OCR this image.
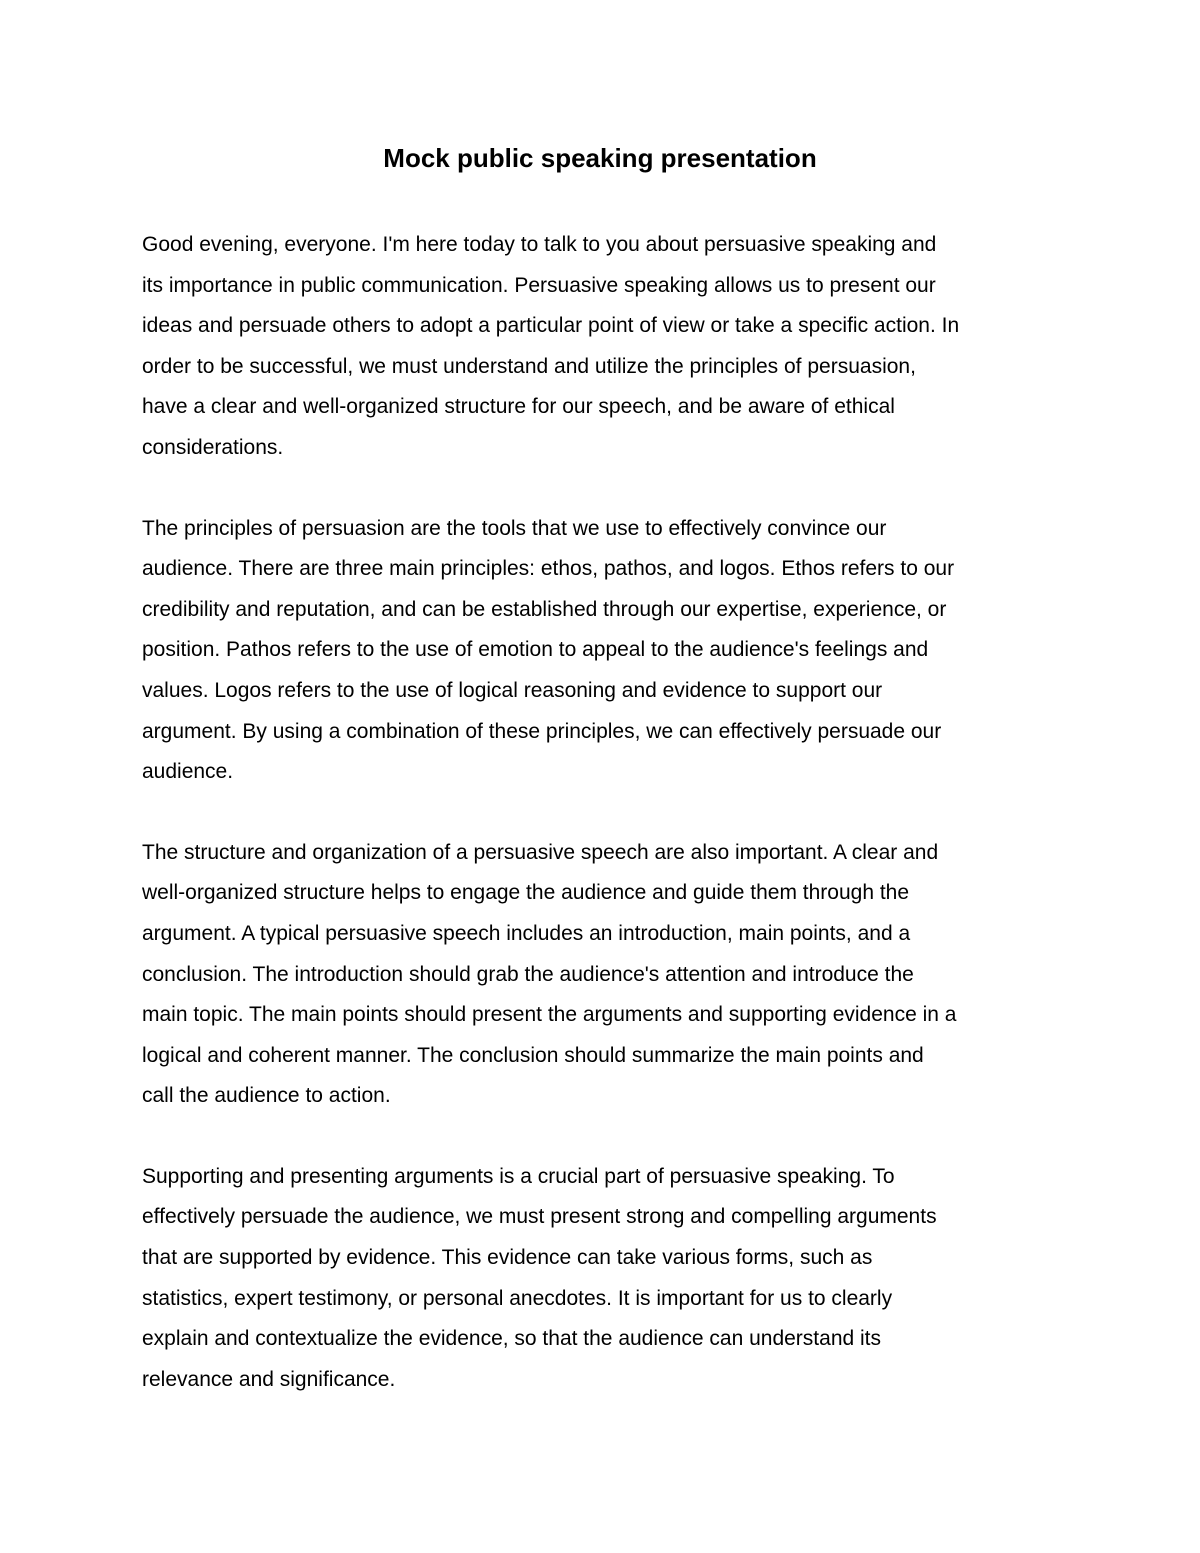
Mock public speaking presentation

Good evening, everyone. I'm here today to talk to you about persuasive speaking and
its importance in public communication. Persuasive speaking allows us to present our
ideas and persuade others to adopt a particular point of view or take a specific action. In
order to be successful, we must understand and utilize the principles of persuasion,
have a clear and well-organized structure for our speech, and be aware of ethical
considerations.

The principles of persuasion are the tools that we use to effectively convince our
audience. There are three main principles: ethos, pathos, and logos. Ethos refers to our
credibility and reputation, and can be established through our expertise, experience, or
position. Pathos refers to the use of emotion to appeal to the audience's feelings and
values. Logos refers to the use of logical reasoning and evidence to support our
argument. By using a combination of these principles, we can effectively persuade our
audience.

The structure and organization of a persuasive speech are also important. A clear and
well-organized structure helps to engage the audience and guide them through the
argument. A typical persuasive speech includes an introduction, main points, and a
conclusion. The introduction should grab the audience's attention and introduce the
main topic. The main points should present the arguments and supporting evidence in a
logical and coherent manner. The conclusion should summarize the main points and
call the audience to action.

Supporting and presenting arguments is a crucial part of persuasive speaking. To
effectively persuade the audience, we must present strong and compelling arguments
that are supported by evidence. This evidence can take various forms, such as
statistics, expert testimony, or personal anecdotes. It is important for us to clearly
explain and contextualize the evidence, so that the audience can understand its
relevance and significance.
